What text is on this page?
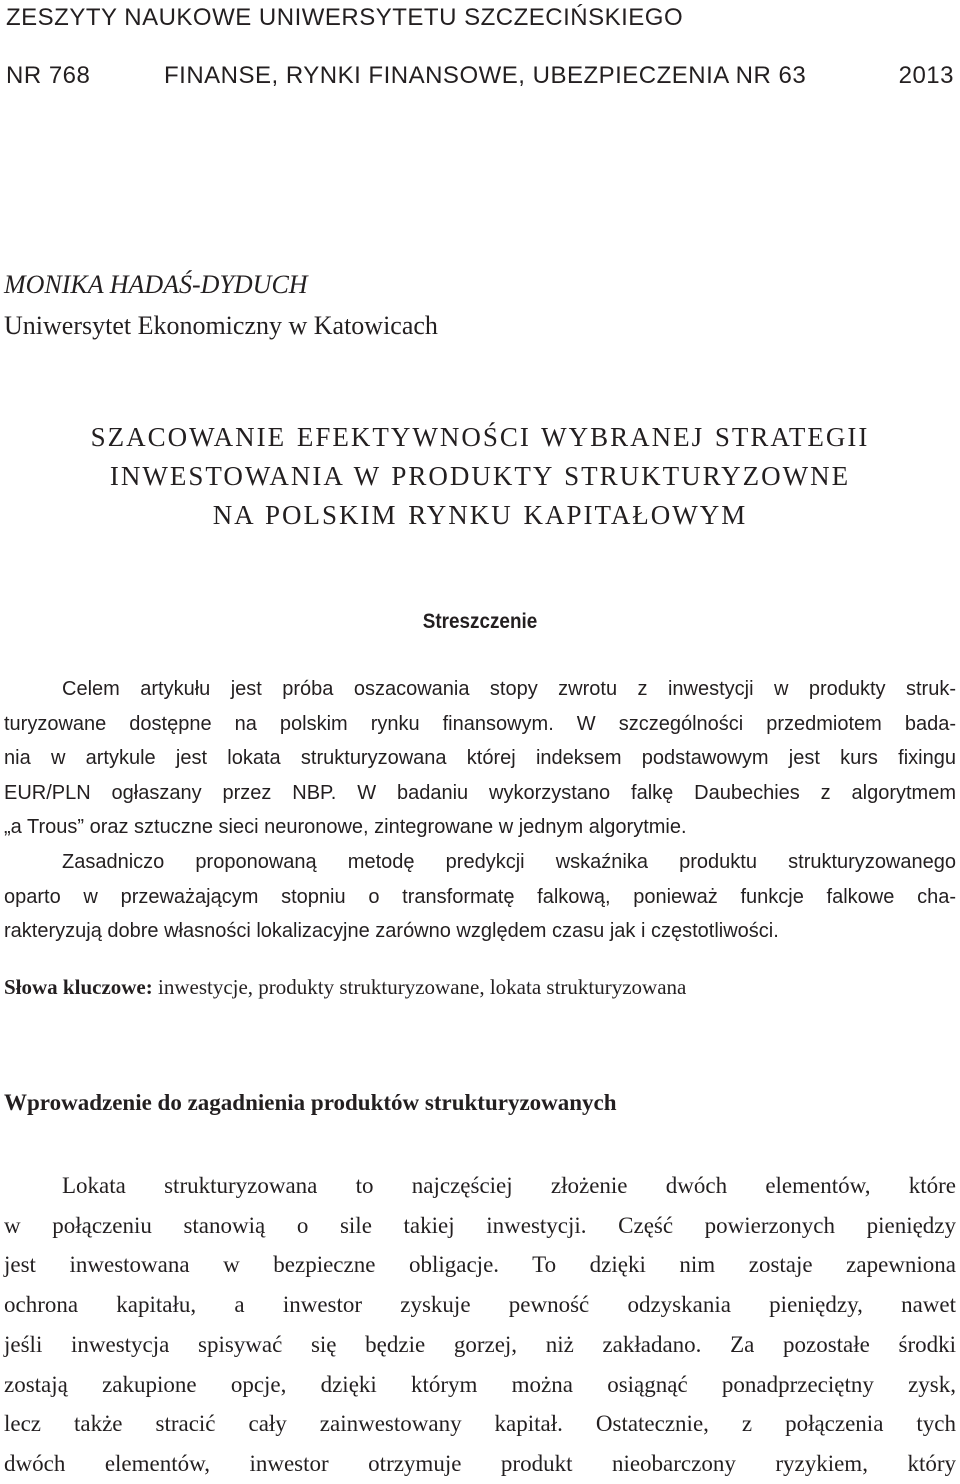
ZESZYTY NAUKOWE UNIWERSYTETU SZCZECIŃSKIEGO
NR 768	FINANSE, RYNKI FINANSOWE, UBEZPIECZENIA NR 63	2013
MONIKA HADAŚ-DYDUCH
Uniwersytet Ekonomiczny w Katowicach
SZACOWANIE EFEKTYWNOŚCI WYBRANEJ STRATEGII
INWESTOWANIA W PRODUKTY STRUKTURYZOWNE
NA POLSKIM RYNKU KAPITAŁOWYM
Streszczenie
Celem artykułu jest próba oszacowania stopy zwrotu z inwestycji w produkty struk-
turyzowane dostępne na polskim rynku finansowym. W szczególności przedmiotem bada-
nia w artykule jest lokata strukturyzowana której indeksem podstawowym jest kurs fixingu
EUR/PLN ogłaszany przez NBP. W badaniu wykorzystano falkę Daubechies z algorytmem
„a Trous” oraz sztuczne sieci neuronowe, zintegrowane w jednym algorytmie.
Zasadniczo proponowaną metodę predykcji wskaźnika produktu strukturyzowanego
oparto w przeważającym stopniu o transformatę falkową, ponieważ funkcje falkowe cha-
rakteryzują dobre własności lokalizacyjne zarówno względem czasu jak i częstotliwości.
Słowa kluczowe: inwestycje, produkty strukturyzowane, lokata strukturyzowana
Wprowadzenie do zagadnienia produktów strukturyzowanych
Lokata strukturyzowana to najczęściej złożenie dwóch elementów, które
w połączeniu stanowią o sile takiej inwestycji. Część powierzonych pieniędzy
jest inwestowana w bezpieczne obligacje. To dzięki nim zostaje zapewniona
ochrona kapitału, a inwestor zyskuje pewność odzyskania pieniędzy, nawet
jeśli inwestycja spisywać się będzie gorzej, niż zakładano. Za pozostałe środki
zostają zakupione opcje, dzięki którym można osiągnąć ponadprzeciętny zysk,
lecz także stracić cały zainwestowany kapitał. Ostatecznie, z połączenia tych
dwóch elementów, inwestor otrzymuje produkt nieobarczony ryzykiem, który
